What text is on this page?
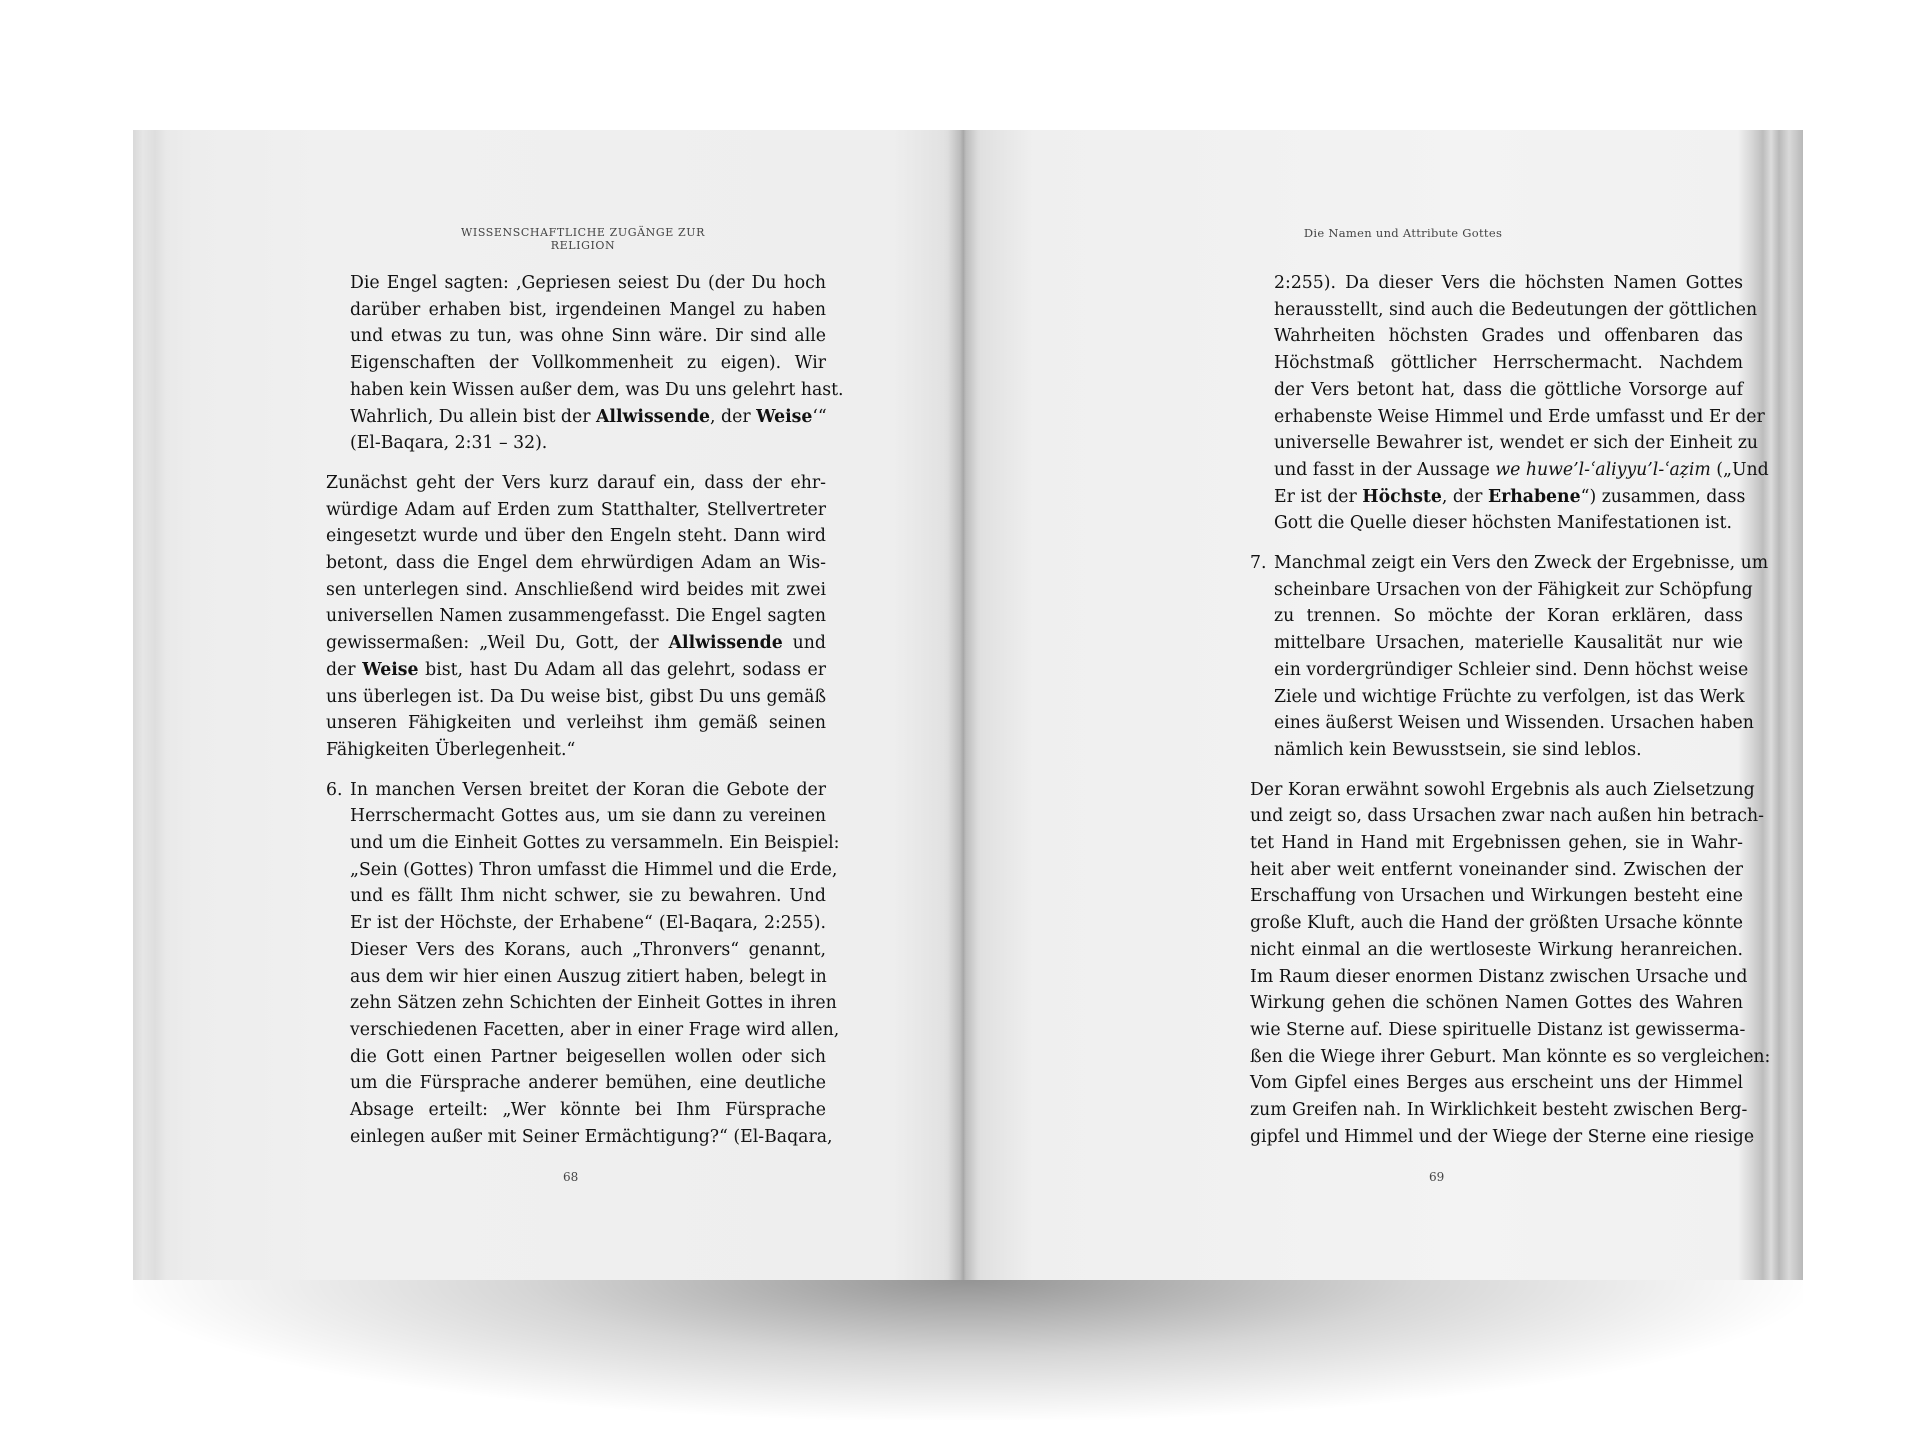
WISSENSCHAFTLICHE ZUGÄNGE ZUR RELIGION
Die Engel sagten: ‚Gepriesen seiest Du (der Du hoch
darüber erhaben bist, irgendeinen Mangel zu haben
und etwas zu tun, was ohne Sinn wäre. Dir sind alle
Eigenschaften der Vollkommenheit zu eigen). Wir
haben kein Wissen außer dem, was Du uns gelehrt hast.
Wahrlich, Du allein bist der Allwissende, der Weise‘“
(El-Baqara, 2:31 – 32).
Zunächst geht der Vers kurz darauf ein, dass der ehr-
würdige Adam auf Erden zum Statthalter, Stellvertreter
eingesetzt wurde und über den Engeln steht. Dann wird
betont, dass die Engel dem ehrwürdigen Adam an Wis-
sen unterlegen sind. Anschließend wird beides mit zwei
universellen Namen zusammengefasst. Die Engel sagten
gewissermaßen: „Weil Du, Gott, der Allwissende und
der Weise bist, hast Du Adam all das gelehrt, sodass er
uns überlegen ist. Da Du weise bist, gibst Du uns gemäß
unseren Fähigkeiten und verleihst ihm gemäß seinen
Fähigkeiten Überlegenheit.“
6. In manchen Versen breitet der Koran die Gebote der
Herrschermacht Gottes aus, um sie dann zu vereinen
und um die Einheit Gottes zu versammeln. Ein Beispiel:
„Sein (Gottes) Thron umfasst die Himmel und die Erde,
und es fällt Ihm nicht schwer, sie zu bewahren. Und
Er ist der Höchste, der Erhabene“ (El-Baqara, 2:255).
Dieser Vers des Korans, auch „Thronvers“ genannt,
aus dem wir hier einen Auszug zitiert haben, belegt in
zehn Sätzen zehn Schichten der Einheit Gottes in ihren
verschiedenen Facetten, aber in einer Frage wird allen,
die Gott einen Partner beigesellen wollen oder sich
um die Fürsprache anderer bemühen, eine deutliche
Absage erteilt: „Wer könnte bei Ihm Fürsprache
einlegen außer mit Seiner Ermächtigung?“ (El-Baqara,
68
Die Namen und Attribute Gottes
2:255). Da dieser Vers die höchsten Namen Gottes
herausstellt, sind auch die Bedeutungen der göttlichen
Wahrheiten höchsten Grades und offenbaren das
Höchstmaß göttlicher Herrschermacht. Nachdem
der Vers betont hat, dass die göttliche Vorsorge auf
erhabenste Weise Himmel und Erde umfasst und Er der
universelle Bewahrer ist, wendet er sich der Einheit zu
und fasst in der Aussage we huwe’l-ʿaliyyu’l-ʿaẓim („Und
Er ist der Höchste, der Erhabene“) zusammen, dass
Gott die Quelle dieser höchsten Manifestationen ist.
7. Manchmal zeigt ein Vers den Zweck der Ergebnisse, um
scheinbare Ursachen von der Fähigkeit zur Schöpfung
zu trennen. So möchte der Koran erklären, dass
mittelbare Ursachen, materielle Kausalität nur wie
ein vordergründiger Schleier sind. Denn höchst weise
Ziele und wichtige Früchte zu verfolgen, ist das Werk
eines äußerst Weisen und Wissenden. Ursachen haben
nämlich kein Bewusstsein, sie sind leblos.
Der Koran erwähnt sowohl Ergebnis als auch Zielsetzung
und zeigt so, dass Ursachen zwar nach außen hin betrach-
tet Hand in Hand mit Ergebnissen gehen, sie in Wahr-
heit aber weit entfernt voneinander sind. Zwischen der
Erschaffung von Ursachen und Wirkungen besteht eine
große Kluft, auch die Hand der größten Ursache könnte
nicht einmal an die wertloseste Wirkung heranreichen.
Im Raum dieser enormen Distanz zwischen Ursache und
Wirkung gehen die schönen Namen Gottes des Wahren
wie Sterne auf. Diese spirituelle Distanz ist gewisserma-
ßen die Wiege ihrer Geburt. Man könnte es so vergleichen:
Vom Gipfel eines Berges aus erscheint uns der Himmel
zum Greifen nah. In Wirklichkeit besteht zwischen Berg-
gipfel und Himmel und der Wiege der Sterne eine riesige
69
